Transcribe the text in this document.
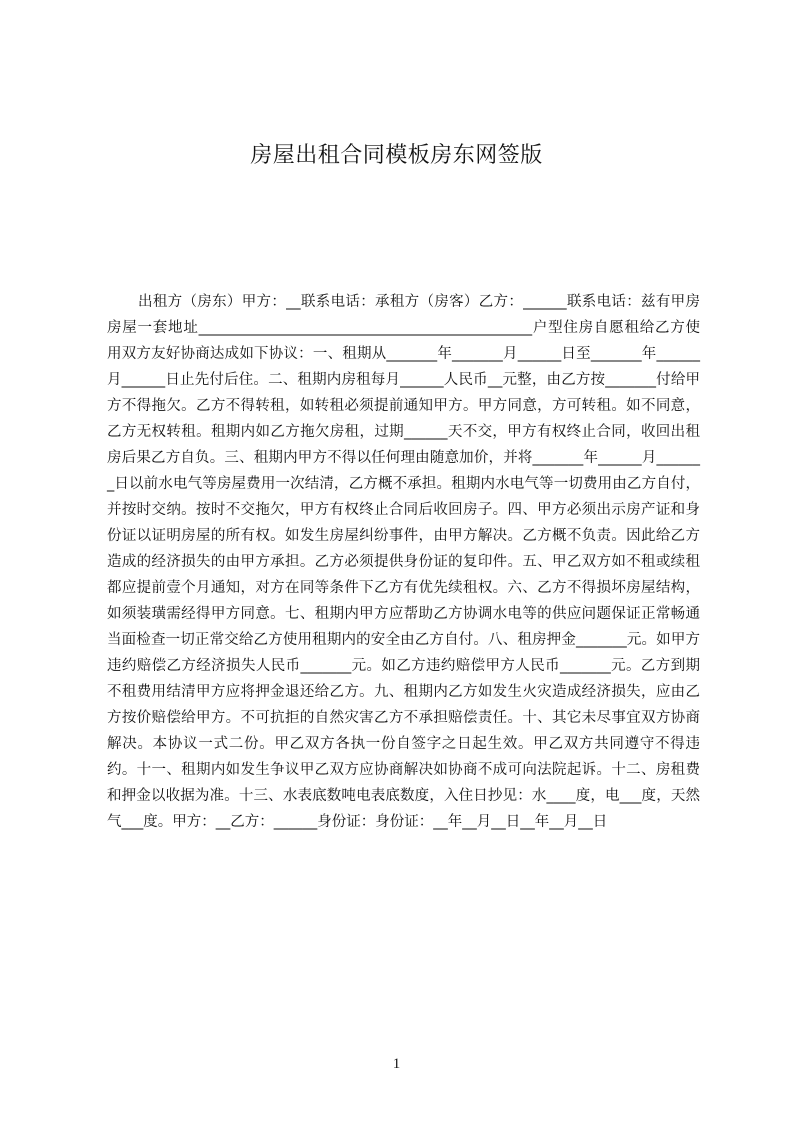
房屋出租合同模板房东网签版

出租方（房东）甲方：__联系电话：承租方（房客）乙方：______联系电话：兹有甲房房屋一套地址______________________________________________户型住房自愿租给乙方使用双方友好协商达成如下协议：一、租期从_______年_______月______日至_______年______月______日止先付后住。二、租期内房租每月______人民币__元整，由乙方按_______付给甲方不得拖欠。乙方不得转租，如转租必须提前通知甲方。甲方同意，方可转租。如不同意，乙方无权转租。租期内如乙方拖欠房租，过期______天不交，甲方有权终止合同，收回出租房后果乙方自负。三、租期内甲方不得以任何理由随意加价，并将_______年______月_______日以前水电气等房屋费用一次结清，乙方概不承担。租期内水电气等一切费用由乙方自付，并按时交纳。按时不交拖欠，甲方有权终止合同后收回房子。四、甲方必须出示房产证和身份证以证明房屋的所有权。如发生房屋纠纷事件，由甲方解决。乙方概不负责。因此给乙方造成的经济损失的由甲方承担。乙方必须提供身份证的复印件。五、甲乙双方如不租或续租都应提前壹个月通知，对方在同等条件下乙方有优先续租权。六、乙方不得损坏房屋结构，如须装璜需经得甲方同意。七、租期内甲方应帮助乙方协调水电等的供应问题保证正常畅通当面检查一切正常交给乙方使用租期内的安全由乙方自付。八、租房押金_______元。如甲方违约赔偿乙方经济损失人民币_______元。如乙方违约赔偿甲方人民币_______元。乙方到期不租费用结清甲方应将押金退还给乙方。九、租期内乙方如发生火灾造成经济损失，应由乙方按价赔偿给甲方。不可抗拒的自然灾害乙方不承担赔偿责任。十、其它未尽事宜双方协商解决。本协议一式二份。甲乙双方各执一份自签字之日起生效。甲乙双方共同遵守不得违约。十一、租期内如发生争议甲乙双方应协商解决如协商不成可向法院起诉。十二、房租费和押金以收据为准。十三、水表底数吨电表底数度，入住日抄见：水____度，电___度，天然气___度。甲方：__乙方：______身份证：身份证：__年__月__日__年__月__日

1
